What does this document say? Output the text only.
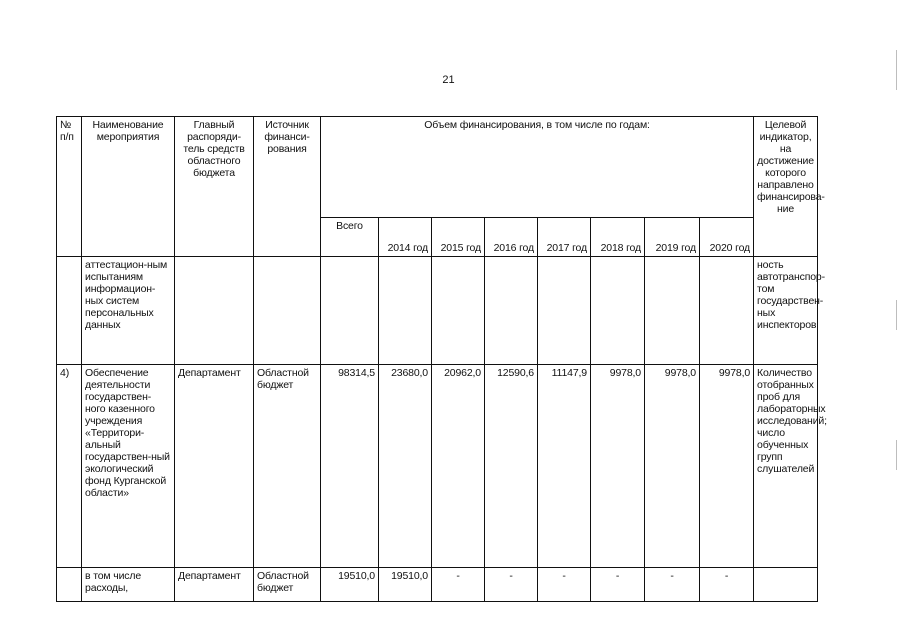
21
№ п/п	Наименование мероприятия	Главный распоряди-тель средств областного бюджета	Источник финанси-рования	Объем финансирования, в том числе по годам:								Целевой индикатор, на достижение которого направлено финансирова-ние
				Всего	2014 год	2015 год	2016 год	2017 год	2018 год	2019 год	2020 год	
	аттестацион-ным испытаниям информацион-ных систем персональных данных											ность автотранспор-том государствен-ных инспекторов
4)	Обеспечение деятельности государствен-ного казенного учреждения «Территори-альный государствен-ный экологический фонд Курганской области»	Департамент	Областной бюджет	98314,5	23680,0	20962,0	12590,6	11147,9	9978,0	9978,0	9978,0	Количество отобранных проб для лабораторных исследований; число обученных групп слушателей
	в том числе расходы,	Департамент	Областной бюджет	19510,0	19510,0	-	-	-	-	-	-	
